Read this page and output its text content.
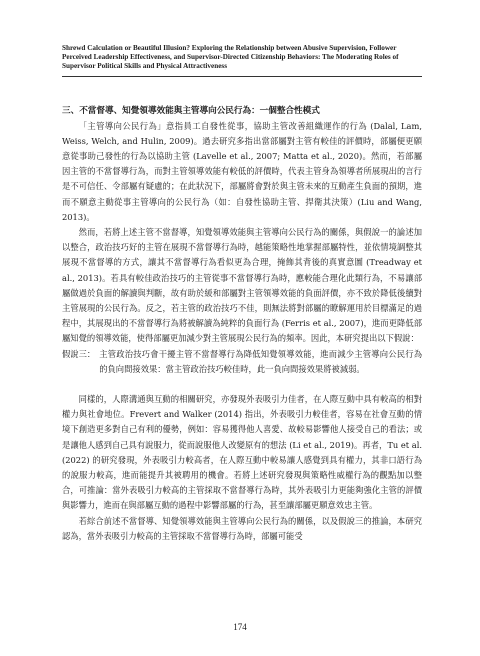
Shrewd Calculation or Beautiful Illusion? Exploring the Relationship between Abusive Supervision, Follower Perceived Leadership Effectiveness, and Supervisor-Directed Citizenship Behaviors: The Moderating Roles of Supervisor Political Skills and Physical Attractiveness
三、不當督導、知覺領導效能與主管導向公民行為：一個整合性模式

「主管導向公民行為」意指員工自發性從事，協助主管改善組織運作的行為 (Dalal, Lam, Weiss, Welch, and Hulin, 2009)。過去研究多指出當部屬對主管有較佳的評價時，部屬便更願意從事助己發性的行為以協助主管 (Lavelle et al., 2007; Matta et al., 2020)。然而，若部屬因主管的不當督導行為，而對主管領導效能有較低的評價時，代表主管身為領導者所展現出的言行是不可信任、令部屬有疑慮的；在此狀況下，部屬將會對於與主管未來的互動產生負面的預期，進而不願意主動從事主管導向的公民行為（如：自發性協助主管、捍衛其決策）(Liu and Wang, 2013)。

然而，若將上述主管不當督導，知覺領導效能與主管導向公民行為的關係，與假說一的論述加以整合，政治技巧好的主管在展現不當督導行為時，越能策略性地掌握部屬特性，並依情境調整其展現不當督導的方式，讓其不當督導行為看似更為合理，掩飾其背後的真實意圖 (Treadway et al., 2013)。若具有較佳政治技巧的主管從事不當督導行為時，應較能合理化此類行為，不易讓部屬做過於負面的解讀與判斷，故有助於緩和部屬對主管領導效能的負面評價，亦不致於降低後續對主管展現的公民行為。反之，若主管的政治技巧不佳，則無法將對部屬的瞭解運用於目標滿足的過程中，其展現出的不當督導行為將被解讀為純粹的負面行為 (Ferris et al., 2007)，進而更降低部屬知覺的領導效能，使得部屬更加減少對主管展現公民行為的頻率。因此，本研究提出以下假說：

假說三： 主管政治技巧會干擾主管不當督導行為降低知覺領導效能，進而減少主管導向公民行為的負向間接效果：當主管政治技巧較佳時，此一負向間接效果將被減弱。

同樣的，人際溝通與互動的相關研究，亦發現外表吸引力佳者，在人際互動中具有較高的相對權力與社會地位。Frevert and Walker (2014) 指出，外表吸引力較佳者，容易在社會互動的情境下創造更多對自己有利的優勢，例如：容易獲得他人喜愛、故較易影響他人接受自己的看法；或是讓他人感到自己具有說服力，從而說服他人改變原有的想法 (Li et al., 2019)。再者，Tu et al. (2022) 的研究發現，外表吸引力較高者，在人際互動中較易讓人感覺到具有權力，其非口語行為的說服力較高，進而能提升其被聘用的機會。若將上述研究發現與策略性威權行為的觀點加以整合，可推論：當外表吸引力較高的主管採取不當督導行為時，其外表吸引力更能夠強化主管的評價與影響力，進而在與部屬互動的過程中影響部屬的行為，甚至讓部屬更願意效忠主管。

若綜合前述不當督導、知覺領導效能與主管導向公民行為的關係，以及假說三的推論，本研究認為，當外表吸引力較高的主管採取不當督導行為時，部屬可能受

174
